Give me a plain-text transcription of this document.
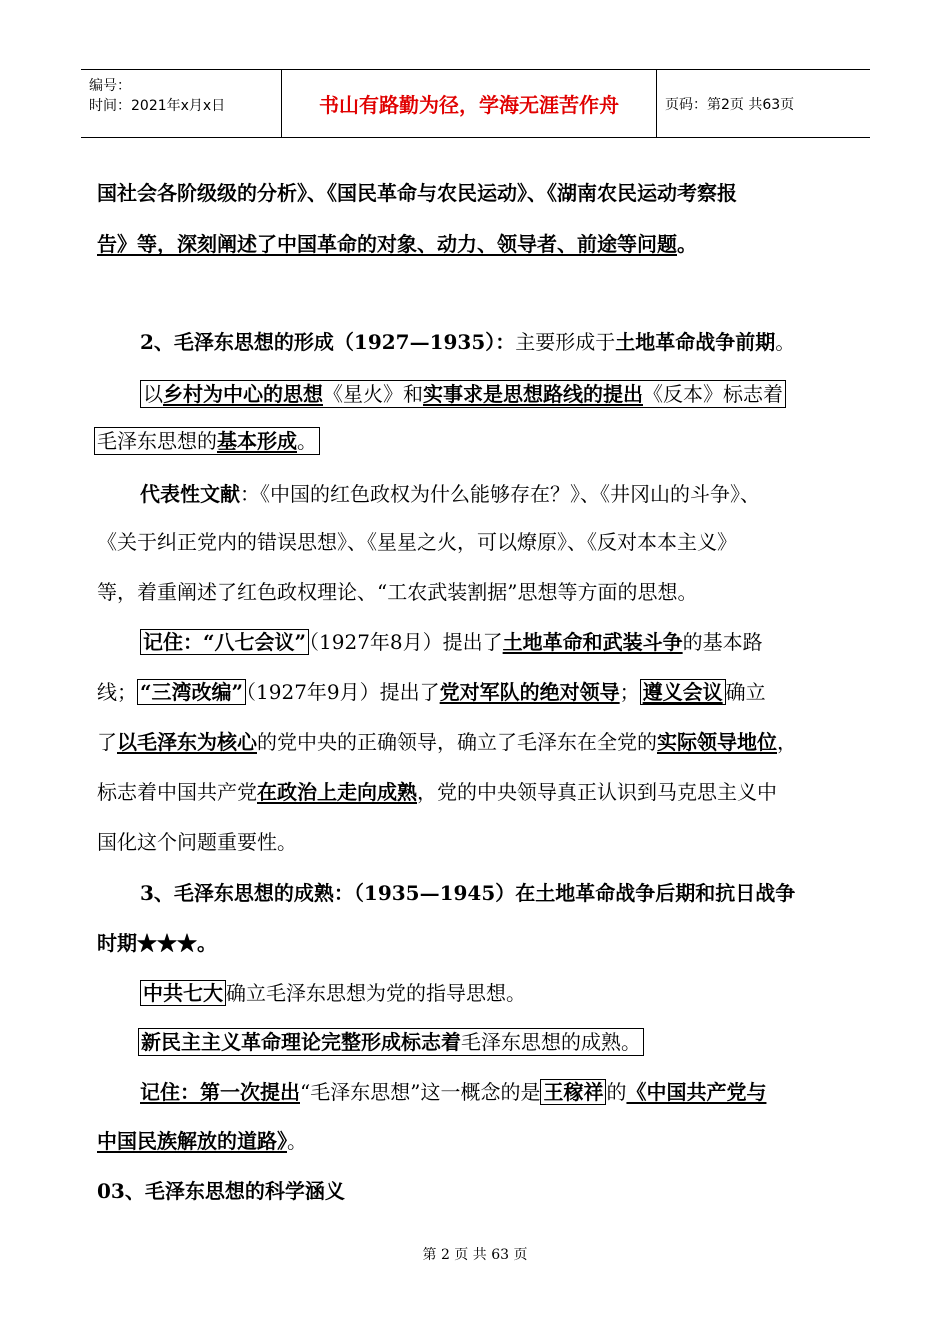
编号：
时间：2021年x月x日	书山有路勤为径，学海无涯苦作舟	页码：第2页 共63页
国社会各阶级级的分析》、《国民革命与农民运动》、《湖南农民运动考察报
告》等，深刻阐述了中国革命的对象、动力、领导者、前途等问题。
2、毛泽东思想的形成（1927—1935）：主要形成于土地革命战争前期。
以乡村为中心的思想《星火》和实事求是思想路线的提出《反本》标志着
毛泽东思想的基本形成。
代表性文献：《中国的红色政权为什么能够存在？》、《井冈山的斗争》、
《关于纠正党内的错误思想》、《星星之火，可以燎原》、《反对本本主义》
等，着重阐述了红色政权理论、“工农武装割据”思想等方面的思想。
记住：“八七会议” （1927年8月）提出了土地革命和武装斗争的基本路
线； “三湾改编” （1927年9月）提出了党对军队的绝对领导； 遵义会议 确立
了以毛泽东为核心的党中央的正确领导，确立了毛泽东在全党的实际领导地位，
标志着中国共产党在政治上走向成熟，党的中央领导真正认识到马克思主义中
国化这个问题重要性。
3、毛泽东思想的成熟：（1935—1945）在土地革命战争后期和抗日战争
时期★★★。
中共七大 确立毛泽东思想为党的指导思想。
新民主主义革命理论完整形成标志着毛泽东思想的成熟。
记住：第一次提出“毛泽东思想”这一概念的是 王稼祥 的《中国共产党与
中国民族解放的道路》。
03、毛泽东思想的科学涵义
第 2 页 共 63 页
